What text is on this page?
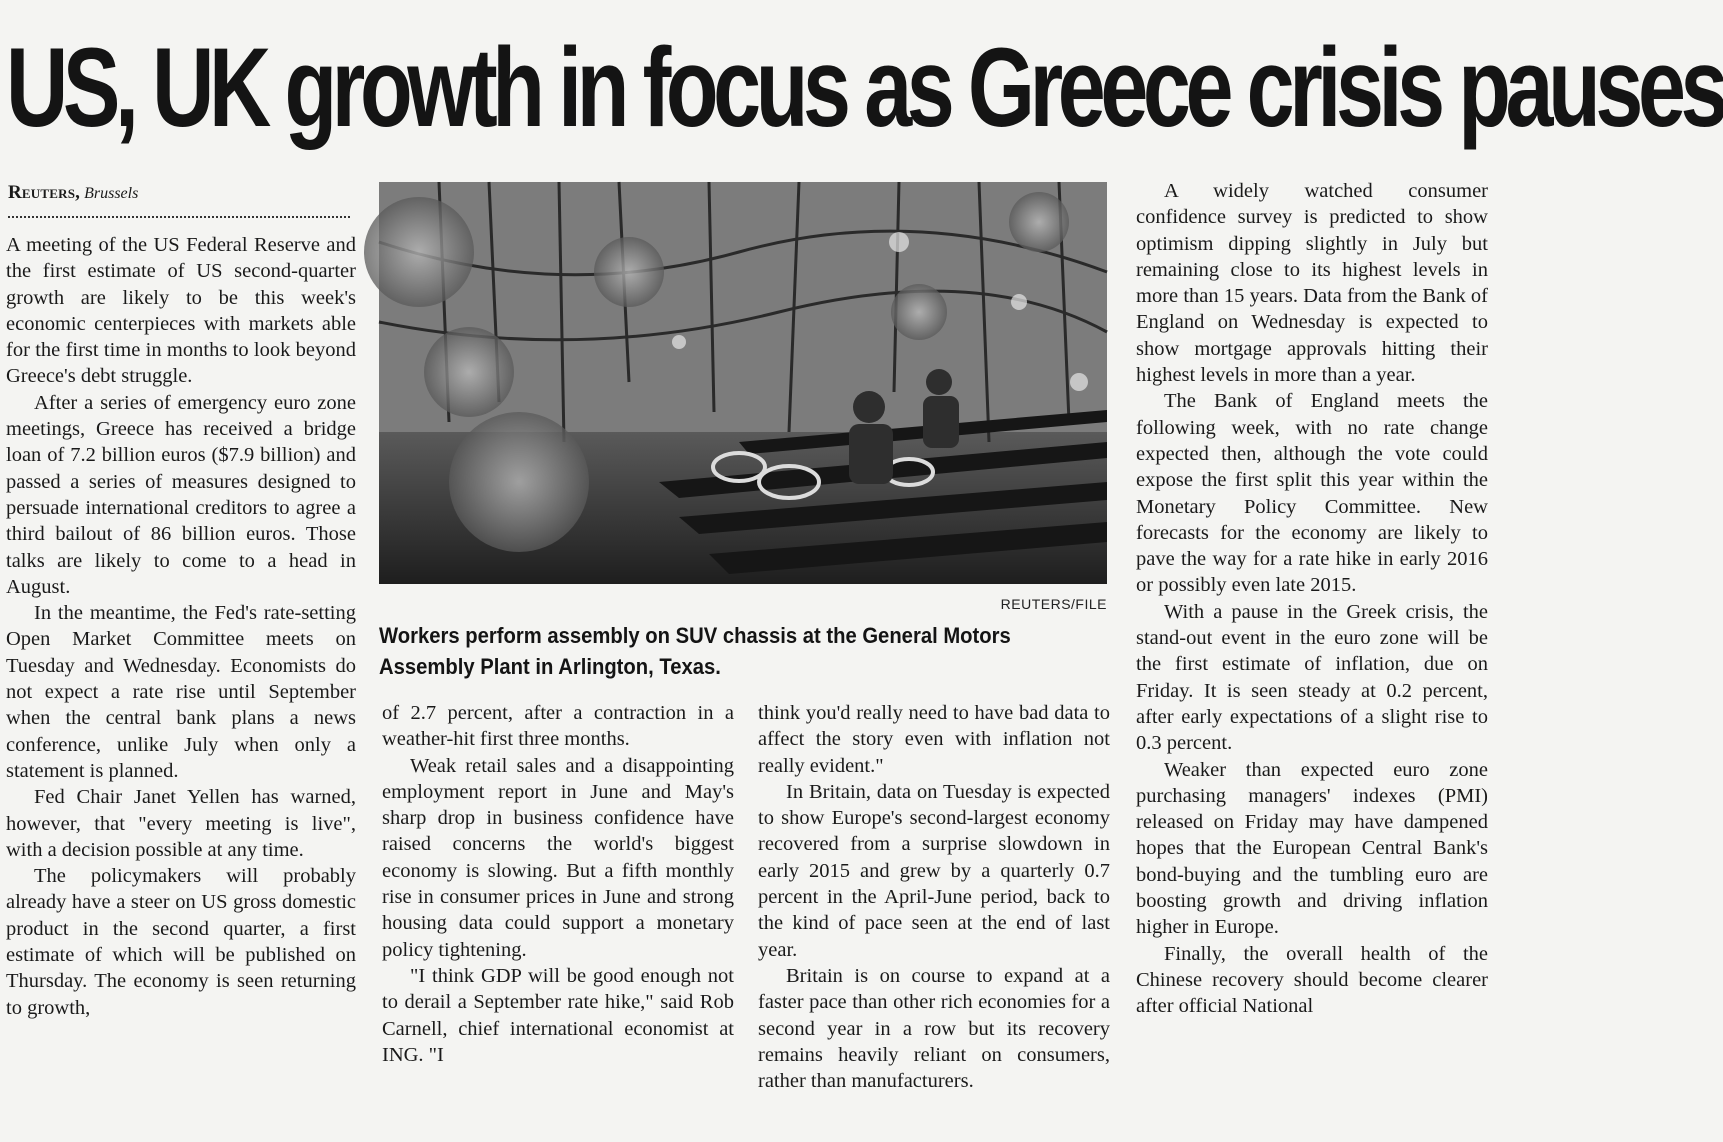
US, UK growth in focus as Greece crisis pauses
Reuters, Brussels

A meeting of the US Federal Reserve and the first estimate of US second-quarter growth are likely to be this week's economic centerpieces with markets able for the first time in months to look beyond Greece's debt struggle.

After a series of emergency euro zone meetings, Greece has received a bridge loan of 7.2 billion euros ($7.9 billion) and passed a series of measures designed to persuade international creditors to agree a third bailout of 86 billion euros. Those talks are likely to come to a head in August.

In the meantime, the Fed's rate-setting Open Market Committee meets on Tuesday and Wednesday. Economists do not expect a rate rise until September when the central bank plans a news conference, unlike July when only a statement is planned.

Fed Chair Janet Yellen has warned, however, that "every meeting is live", with a decision possible at any time.

The policymakers will probably already have a steer on US gross domestic product in the second quarter, a first estimate of which will be published on Thursday. The economy is seen returning to growth,

REUTERS/FILE
Workers perform assembly on SUV chassis at the General Motors Assembly Plant in Arlington, Texas.

of 2.7 percent, after a contraction in a weather-hit first three months.

Weak retail sales and a disappointing employment report in June and May's sharp drop in business confidence have raised concerns the world's biggest economy is slowing. But a fifth monthly rise in consumer prices in June and strong housing data could support a monetary policy tightening.

"I think GDP will be good enough not to derail a September rate hike," said Rob Carnell, chief international economist at ING. "I

think you'd really need to have bad data to affect the story even with inflation not really evident."

In Britain, data on Tuesday is expected to show Europe's second-largest economy recovered from a surprise slowdown in early 2015 and grew by a quarterly 0.7 percent in the April-June period, back to the kind of pace seen at the end of last year.

Britain is on course to expand at a faster pace than other rich economies for a second year in a row but its recovery remains heavily reliant on consumers, rather than manufacturers.

A widely watched consumer confidence survey is predicted to show optimism dipping slightly in July but remaining close to its highest levels in more than 15 years. Data from the Bank of England on Wednesday is expected to show mortgage approvals hitting their highest levels in more than a year.

The Bank of England meets the following week, with no rate change expected then, although the vote could expose the first split this year within the Monetary Policy Committee. New forecasts for the economy are likely to pave the way for a rate hike in early 2016 or possibly even late 2015.

With a pause in the Greek crisis, the stand-out event in the euro zone will be the first estimate of inflation, due on Friday. It is seen steady at 0.2 percent, after early expectations of a slight rise to 0.3 percent.

Weaker than expected euro zone purchasing managers' indexes (PMI) released on Friday may have dampened hopes that the European Central Bank's bond-buying and the tumbling euro are boosting growth and driving inflation higher in Europe.

Finally, the overall health of the Chinese recovery should become clearer after official National
